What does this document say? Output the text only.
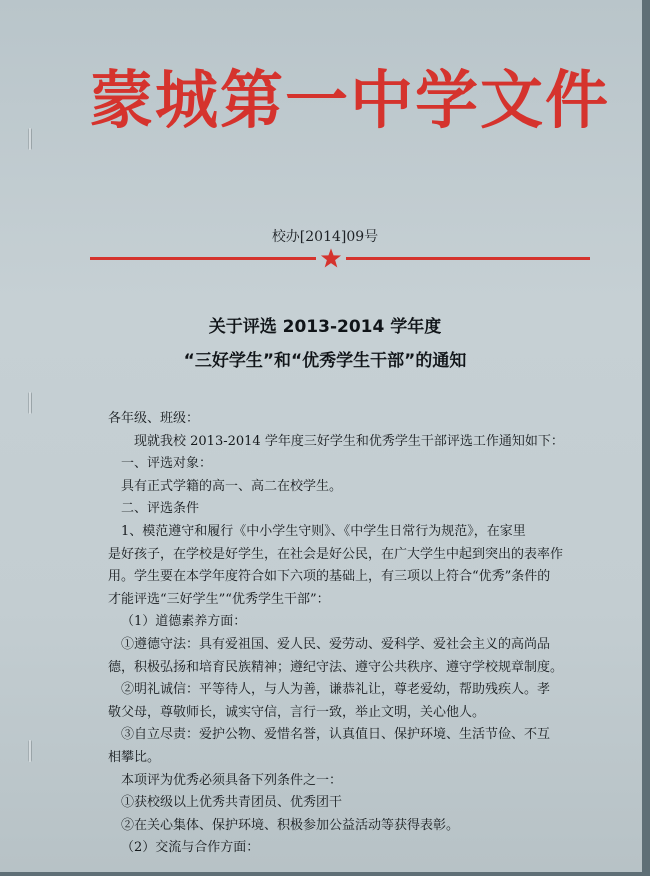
蒙城第一中学文件
校办[2014]09号
关于评选 2013-2014 学年度
“三好学生”和“优秀学生干部”的通知

各年级、班级：

现就我校 2013-2014 学年度三好学生和优秀学生干部评选工作通知如下：

一、评选对象：

具有正式学籍的高一、高二在校学生。

二、评选条件

1、模范遵守和履行《中小学生守则》、《中学生日常行为规范》，在家里

是好孩子，在学校是好学生，在社会是好公民，在广大学生中起到突出的表率作

用。学生要在本学年度符合如下六项的基础上，有三项以上符合“优秀”条件的

才能评选“三好学生”“优秀学生干部”：

（1）道德素养方面：

①遵德守法：具有爱祖国、爱人民、爱劳动、爱科学、爱社会主义的高尚品

德，积极弘扬和培育民族精神；遵纪守法、遵守公共秩序、遵守学校规章制度。

②明礼诚信：平等待人，与人为善，谦恭礼让，尊老爱幼，帮助残疾人。孝

敬父母，尊敬师长，诚实守信，言行一致，举止文明，关心他人。

③自立尽责：爱护公物、爱惜名誉，认真值日、保护环境、生活节俭、不互

相攀比。

本项评为优秀必须具备下列条件之一：

①获校级以上优秀共青团员、优秀团干

②在关心集体、保护环境、积极参加公益活动等获得表彰。

（2）交流与合作方面：
